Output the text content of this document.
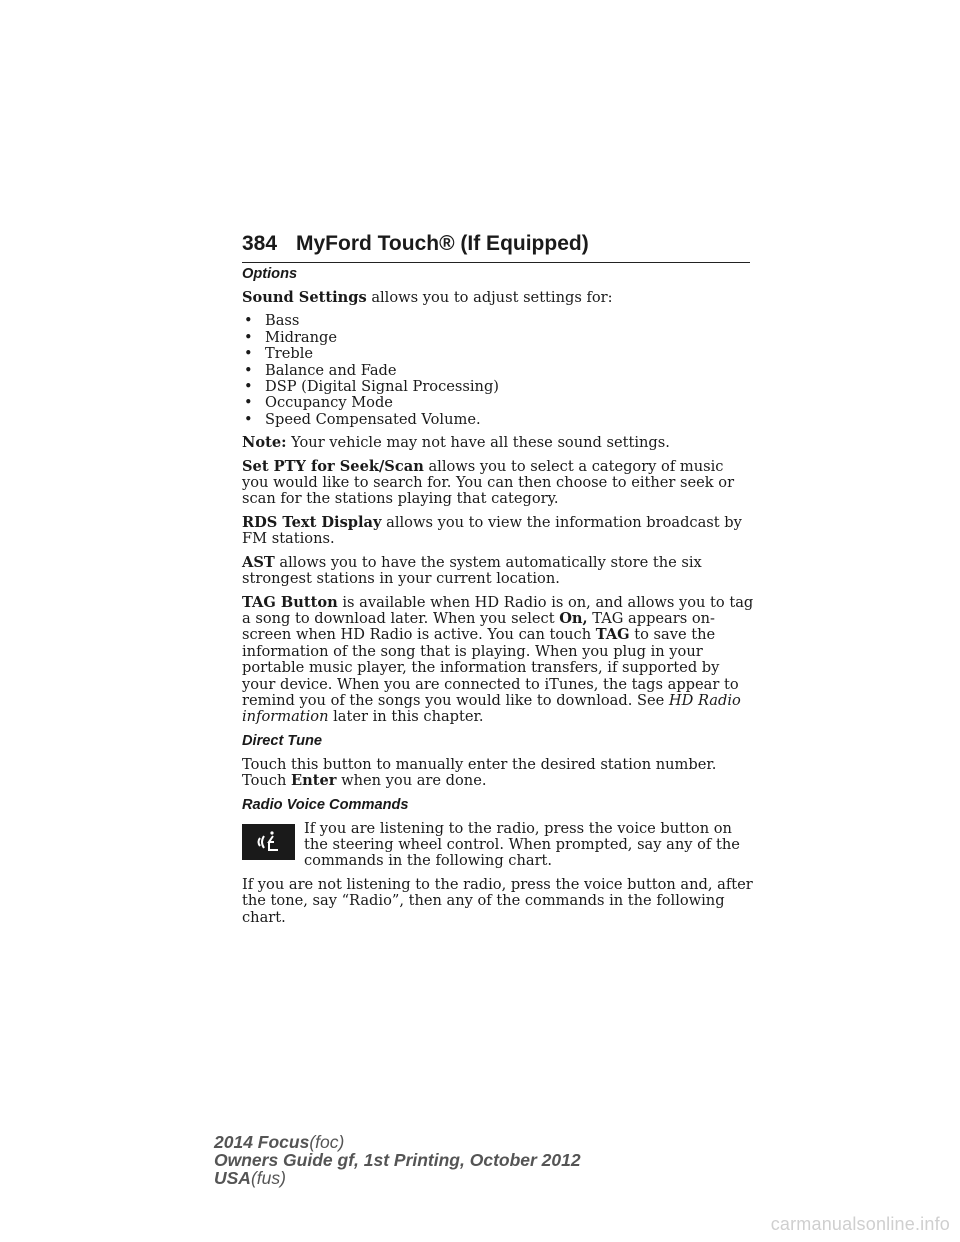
384 MyFord Touch® (If Equipped)
Options

Sound Settings allows you to adjust settings for:

• Bass
• Midrange
• Treble
• Balance and Fade
• DSP (Digital Signal Processing)
• Occupancy Mode
• Speed Compensated Volume.

Note: Your vehicle may not have all these sound settings.

Set PTY for Seek/Scan allows you to select a category of music you would like to search for. You can then choose to either seek or scan for the stations playing that category.

RDS Text Display allows you to view the information broadcast by FM stations.

AST allows you to have the system automatically store the six strongest stations in your current location.

TAG Button is available when HD Radio is on, and allows you to tag a song to download later. When you select On, TAG appears on-screen when HD Radio is active. You can touch TAG to save the information of the song that is playing. When you plug in your portable music player, the information transfers, if supported by your device. When you are connected to iTunes, the tags appear to remind you of the songs you would like to download. See HD Radio information later in this chapter.

Direct Tune

Touch this button to manually enter the desired station number. Touch Enter when you are done.

Radio Voice Commands
If you are listening to the radio, press the voice button on the steering wheel control. When prompted, say any of the commands in the following chart.

If you are not listening to the radio, press the voice button and, after the tone, say “Radio”, then any of the commands in the following chart.

2014 Focus(foc)
Owners Guide gf, 1st Printing, October 2012
USA(fus)
carmanualsonline.info
